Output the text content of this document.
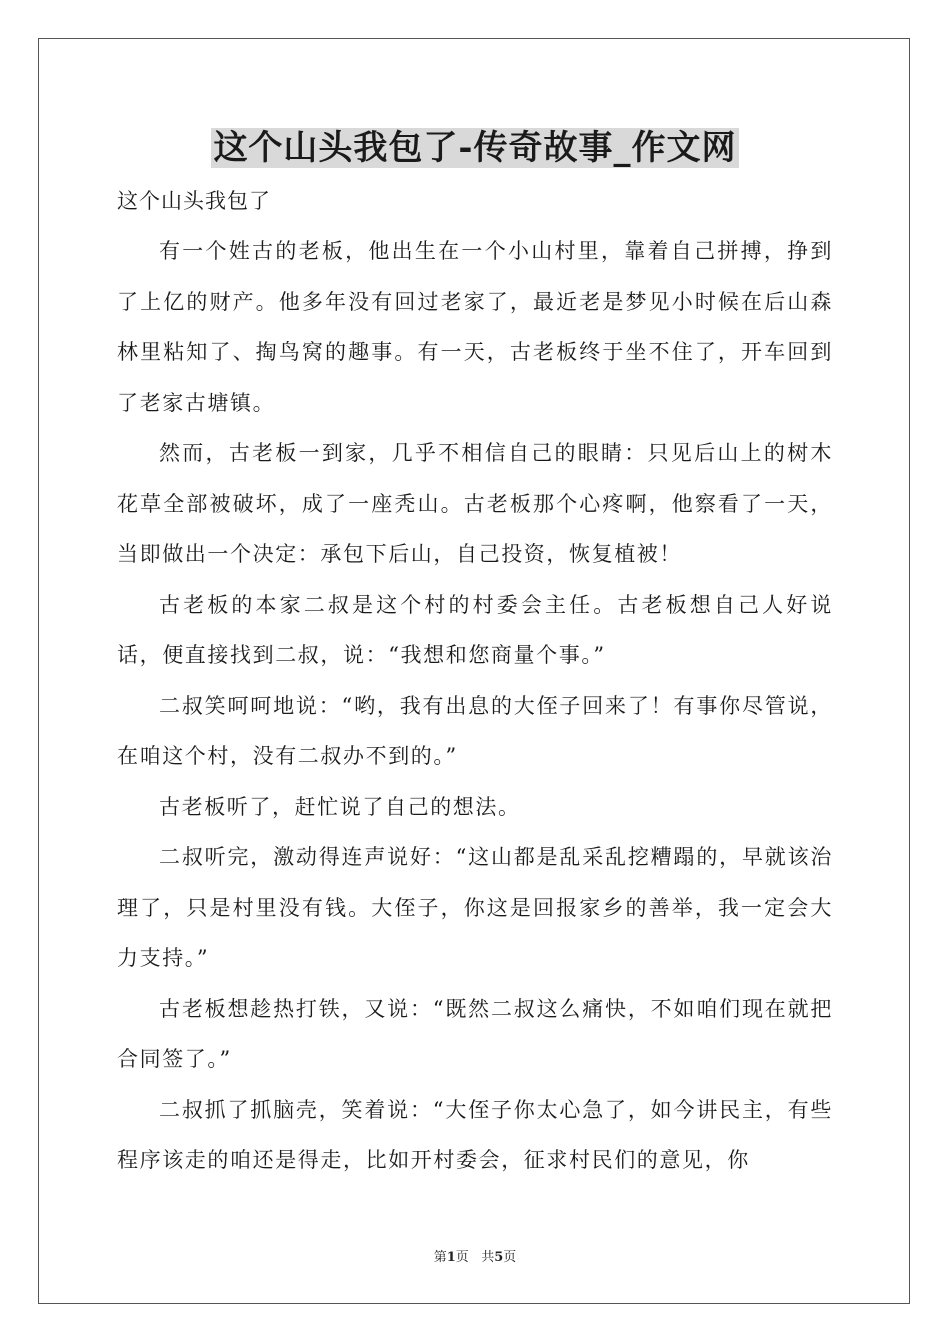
这个山头我包了-传奇故事_作文网

这个山头我包了

有一个姓古的老板，他出生在一个小山村里，靠着自己拼搏，挣到了上亿的财产。他多年没有回过老家了，最近老是梦见小时候在后山森林里粘知了、掏鸟窝的趣事。有一天，古老板终于坐不住了，开车回到了老家古塘镇。

然而，古老板一到家，几乎不相信自己的眼睛：只见后山上的树木花草全部被破坏，成了一座秃山。古老板那个心疼啊，他察看了一天，当即做出一个决定：承包下后山，自己投资，恢复植被！

古老板的本家二叔是这个村的村委会主任。古老板想自己人好说话，便直接找到二叔，说：“我想和您商量个事。”

二叔笑呵呵地说：“哟，我有出息的大侄子回来了！有事你尽管说，在咱这个村，没有二叔办不到的。”

古老板听了，赶忙说了自己的想法。

二叔听完，激动得连声说好：“这山都是乱采乱挖糟蹋的，早就该治理了，只是村里没有钱。大侄子，你这是回报家乡的善举，我一定会大力支持。”

古老板想趁热打铁，又说：“既然二叔这么痛快，不如咱们现在就把合同签了。”

二叔抓了抓脑壳，笑着说：“大侄子你太心急了，如今讲民主，有些程序该走的咱还是得走，比如开村委会，征求村民们的意见，你

第1页 共5页
